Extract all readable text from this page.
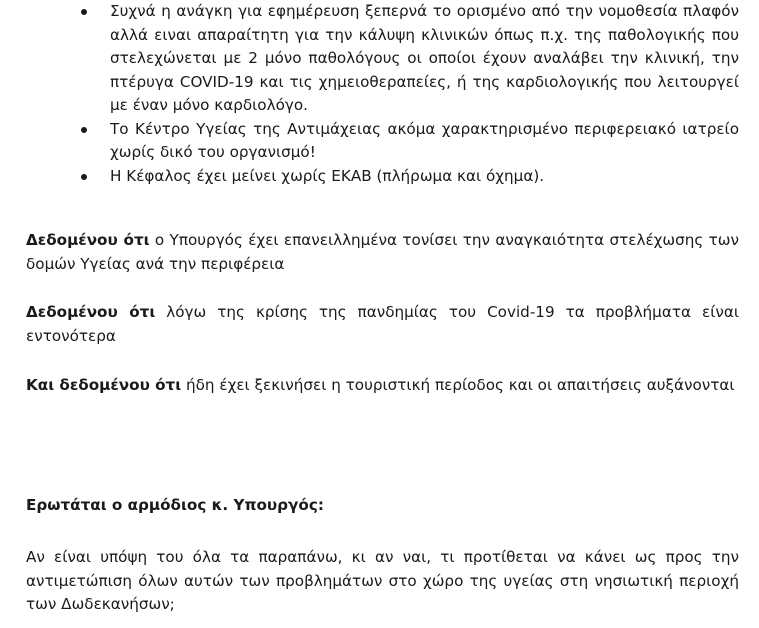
Συχνά η ανάγκη για εφημέρευση ξεπερνά το ορισμένο από την νομοθεσία πλαφόν αλλά ειναι απαραίτητη για την κάλυψη κλινικών όπως π.χ. της παθολογικής που στελεχώνεται με 2 μόνο παθολόγους οι οποίοι έχουν αναλάβει την κλινική, την πτέρυγα COVID-19 και τις χημειοθεραπείες, ή της καρδιολογικής που λειτουργεί με έναν μόνο καρδιολόγο.
Το Κέντρο Υγείας της Αντιμάχειας ακόμα χαρακτηρισμένο περιφερειακό ιατρείο χωρίς δικό του οργανισμό!
Η Κέφαλος έχει μείνει χωρίς ΕΚΑΒ (πλήρωμα και όχημα).

Δεδομένου ότι ο Υπουργός έχει επανειλλημένα τονίσει την αναγκαιότητα στελέχωσης των δομών Υγείας ανά την περιφέρεια

Δεδομένου ότι λόγω της κρίσης της πανδημίας του Covid-19 τα προβλήματα είναι εντονότερα

Και δεδομένου ότι ήδη έχει ξεκινήσει η τουριστική περίοδος και οι απαιτήσεις αυξάνονται

Ερωτάται ο αρμόδιος κ. Υπουργός:

Αν είναι υπόψη του όλα τα παραπάνω, κι αν ναι, τι προτίθεται να κάνει ως προς την αντιμετώπιση όλων αυτών των προβλημάτων στο χώρο της υγείας στη νησιωτική περιοχή των Δωδεκανήσων;
